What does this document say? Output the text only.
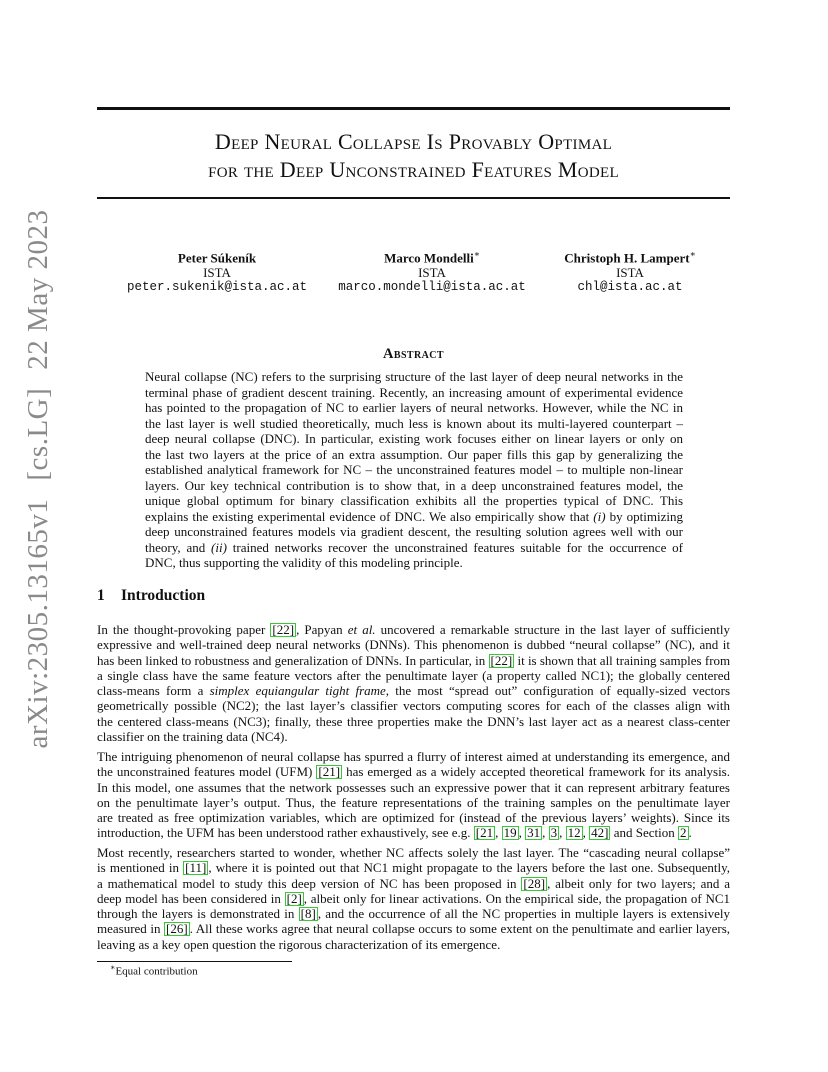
arXiv:2305.13165v1
[cs.LG]
22 May 2023
Deep Neural Collapse Is Provably Optimal
for the Deep Unconstrained Features Model
Peter Súkeník
ISTA
peter.sukenik@ista.ac.at
Marco Mondelli∗
ISTA
marco.mondelli@ista.ac.at
Christoph H. Lampert∗
ISTA
chl@ista.ac.at
Abstract
Neural collapse (NC) refers to the surprising structure of the last layer of deep neural networks in the
terminal phase of gradient descent training. Recently, an increasing amount of experimental evidence
has pointed to the propagation of NC to earlier layers of neural networks. However, while the NC in
the last layer is well studied theoretically, much less is known about its multi-layered counterpart –
deep neural collapse (DNC). In particular, existing work focuses either on linear layers or only on
the last two layers at the price of an extra assumption. Our paper fills this gap by generalizing the
established analytical framework for NC – the unconstrained features model – to multiple non-linear
layers. Our key technical contribution is to show that, in a deep unconstrained features model, the
unique global optimum for binary classification exhibits all the properties typical of DNC. This
explains the existing experimental evidence of DNC. We also empirically show that (i) by optimizing
deep unconstrained features models via gradient descent, the resulting solution agrees well with our
theory, and (ii) trained networks recover the unconstrained features suitable for the occurrence of
DNC, thus supporting the validity of this modeling principle.
1 Introduction
In the thought-provoking paper [22] , Papyan et al. uncovered a remarkable structure in the last layer of sufficiently
expressive and well-trained deep neural networks (DNNs). This phenomenon is dubbed “neural collapse” (NC), and it
has been linked to robustness and generalization of DNNs. In particular, in [22] it is shown that all training samples from
a single class have the same feature vectors after the penultimate layer (a property called NC1); the globally centered
class-means form a simplex equiangular tight frame, the most “spread out” configuration of equally-sized vectors
geometrically possible (NC2); the last layer’s classifier vectors computing scores for each of the classes align with
the centered class-means (NC3); finally, these three properties make the DNN’s last layer act as a nearest class-center
classifier on the training data (NC4).
The intriguing phenomenon of neural collapse has spurred a flurry of interest aimed at understanding its emergence, and
the unconstrained features model (UFM) [21] has emerged as a widely accepted theoretical framework for its analysis.
In this model, one assumes that the network possesses such an expressive power that it can represent arbitrary features
on the penultimate layer’s output. Thus, the feature representations of the training samples on the penultimate layer
are treated as free optimization variables, which are optimized for (instead of the previous layers’ weights). Since its
introduction, the UFM has been understood rather exhaustively, see e.g. [21 , 19 , 31 , 3 , 12 , 42] and Section 2 .
Most recently, researchers started to wonder, whether NC affects solely the last layer. The “cascading neural collapse”
is mentioned in [11] , where it is pointed out that NC1 might propagate to the layers before the last one. Subsequently,
a mathematical model to study this deep version of NC has been proposed in [28] , albeit only for two layers; and a
deep model has been considered in [2] , albeit only for linear activations. On the empirical side, the propagation of NC1
through the layers is demonstrated in [8] , and the occurrence of all the NC properties in multiple layers is extensively
measured in [26] . All these works agree that neural collapse occurs to some extent on the penultimate and earlier layers,
leaving as a key open question the rigorous characterization of its emergence.
∗Equal contribution
